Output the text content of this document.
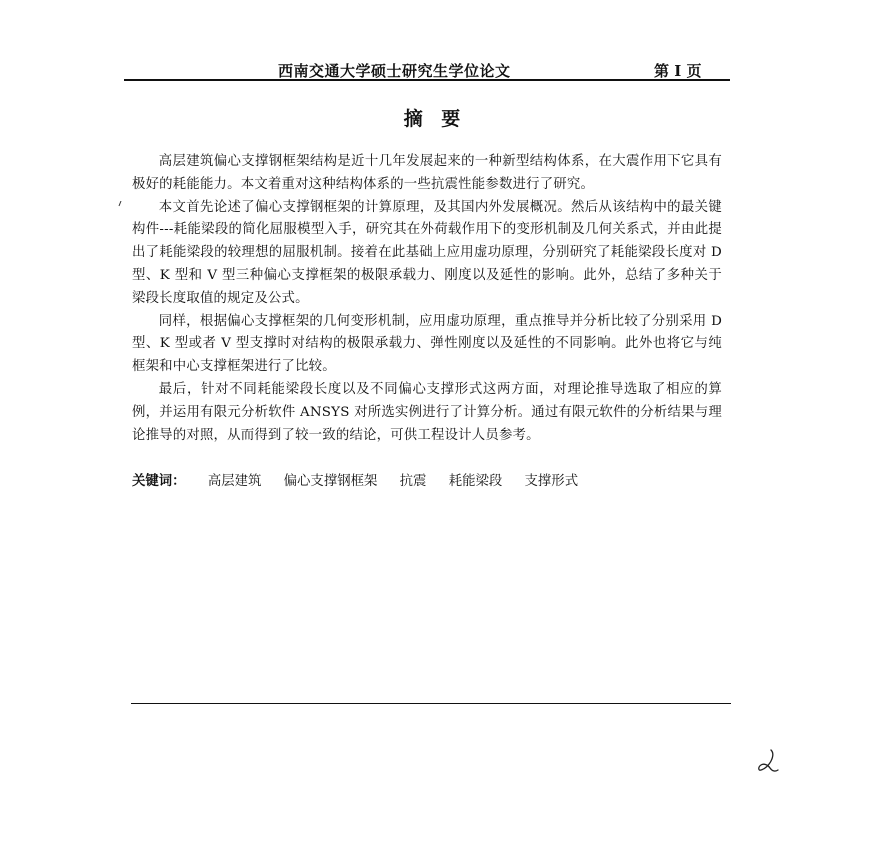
西南交通大学硕士研究生学位论文	第 I 页
摘 要

高层建筑偏心支撑钢框架结构是近十几年发展起来的一种新型结构体系，在大震作用下它具有极好的耗能能力。本文着重对这种结构体系的一些抗震性能参数进行了研究。

本文首先论述了偏心支撑钢框架的计算原理，及其国内外发展概况。然后从该结构中的最关键构件---耗能梁段的简化屈服模型入手，研究其在外荷载作用下的变形机制及几何关系式，并由此提出了耗能梁段的较理想的屈服机制。接着在此基础上应用虚功原理，分别研究了耗能梁段长度对 D 型、K 型和 V 型三种偏心支撑框架的极限承载力、刚度以及延性的影响。此外，总结了多种关于梁段长度取值的规定及公式。

同样，根据偏心支撑框架的几何变形机制，应用虚功原理，重点推导并分析比较了分别采用 D 型、K 型或者 V 型支撑时对结构的极限承载力、弹性刚度以及延性的不同影响。此外也将它与纯框架和中心支撑框架进行了比较。

最后，针对不同耗能梁段长度以及不同偏心支撑形式这两方面，对理论推导选取了相应的算例，并运用有限元分析软件 ANSYS 对所选实例进行了计算分析。通过有限元软件的分析结果与理论推导的对照，从而得到了较一致的结论，可供工程设计人员参考。

关键词： 高层建筑 偏心支撑钢框架 抗震 耗能梁段 支撑形式
